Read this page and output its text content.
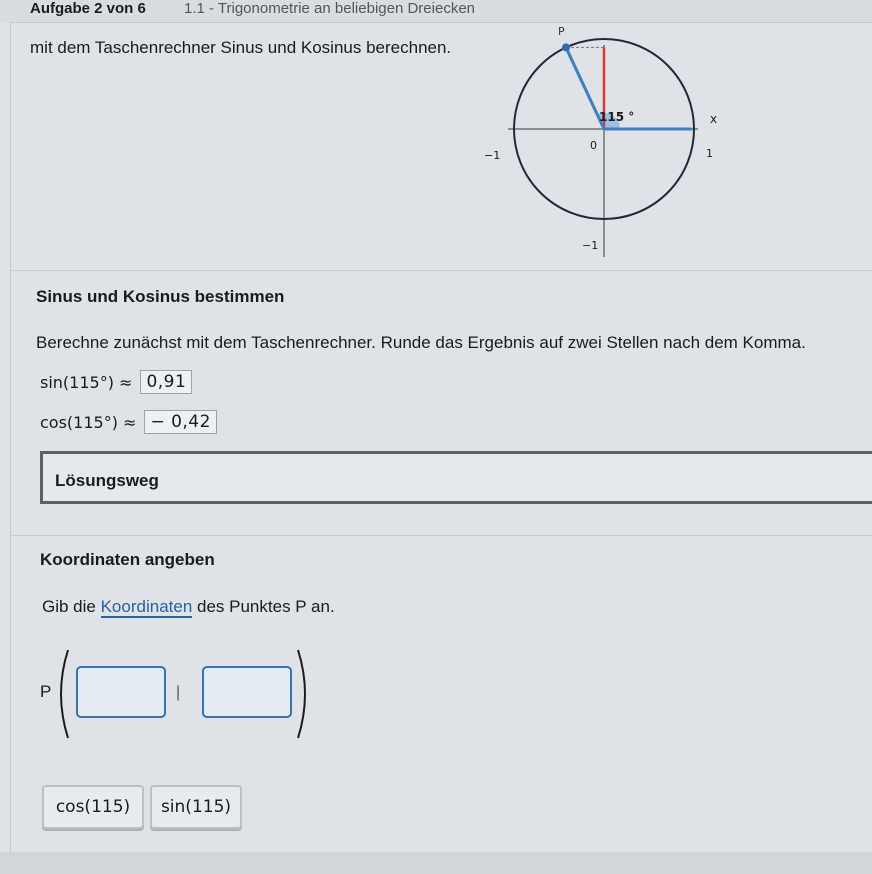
Aufgabe 2 von 6	1.1 - Trigonometrie an beliebigen Dreiecken
mit dem Taschenrechner Sinus und Kosinus berechnen.
P
115 °	x
0
−1	1
−1
Sinus und Kosinus bestimmen
Berechne zunächst mit dem Taschenrechner. Runde das Ergebnis auf zwei Stellen nach dem Komma.
sin(115°) ≈ 0,91
cos(115°) ≈ − 0,42
Lösungsweg
Koordinaten angeben
Gib die Koordinaten des Punktes P an.
P	|
cos(115)	sin(115)
